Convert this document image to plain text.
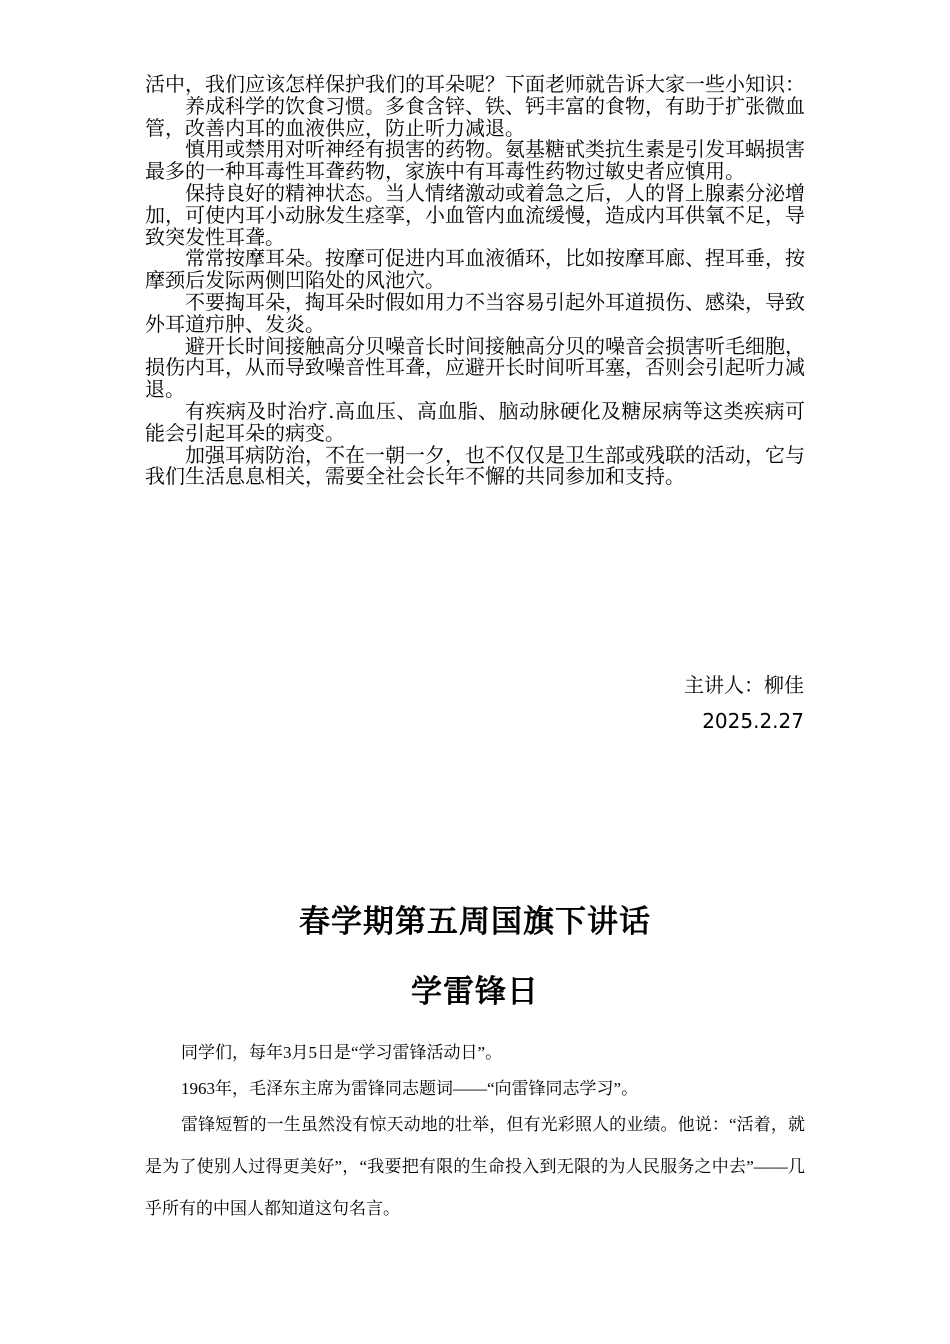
活中，我们应该怎样保护我们的耳朵呢？下面老师就告诉大家一些小知识：

养成科学的饮食习惯。多食含锌、铁、钙丰富的食物，有助于扩张微血管，改善内耳的血液供应，防止听力减退。

慎用或禁用对听神经有损害的药物。氨基糖甙类抗生素是引发耳蜗损害最多的一种耳毒性耳聋药物，家族中有耳毒性药物过敏史者应慎用。

保持良好的精神状态。当人情绪激动或着急之后，人的肾上腺素分泌增加，可使内耳小动脉发生痉挛，小血管内血流缓慢，造成内耳供氧不足，导致突发性耳聋。

常常按摩耳朵。按摩可促进内耳血液循环，比如按摩耳廊、捏耳垂，按摩颈后发际两侧凹陷处的风池穴。

不要掏耳朵，掏耳朵时假如用力不当容易引起外耳道损伤、感染，导致外耳道疖肿、发炎。

避开长时间接触高分贝噪音长时间接触高分贝的噪音会损害听毛细胞，损伤内耳，从而导致噪音性耳聋，应避开长时间听耳塞，否则会引起听力减退。

有疾病及时治疗.高血压、高血脂、脑动脉硬化及糖尿病等这类疾病可能会引起耳朵的病变。

加强耳病防治，不在一朝一夕，也不仅仅是卫生部或残联的活动，它与我们生活息息相关，需要全社会长年不懈的共同参加和支持。

主讲人：柳佳
2025.2.27
春学期第五周国旗下讲话
学雷锋日

同学们，每年3月5日是“学习雷锋活动日”。

1963年，毛泽东主席为雷锋同志题词——“向雷锋同志学习”。

雷锋短暂的一生虽然没有惊天动地的壮举，但有光彩照人的业绩。他说：“活着，就是为了使别人过得更美好”，“我要把有限的生命投入到无限的为人民服务之中去”——几乎所有的中国人都知道这句名言。
